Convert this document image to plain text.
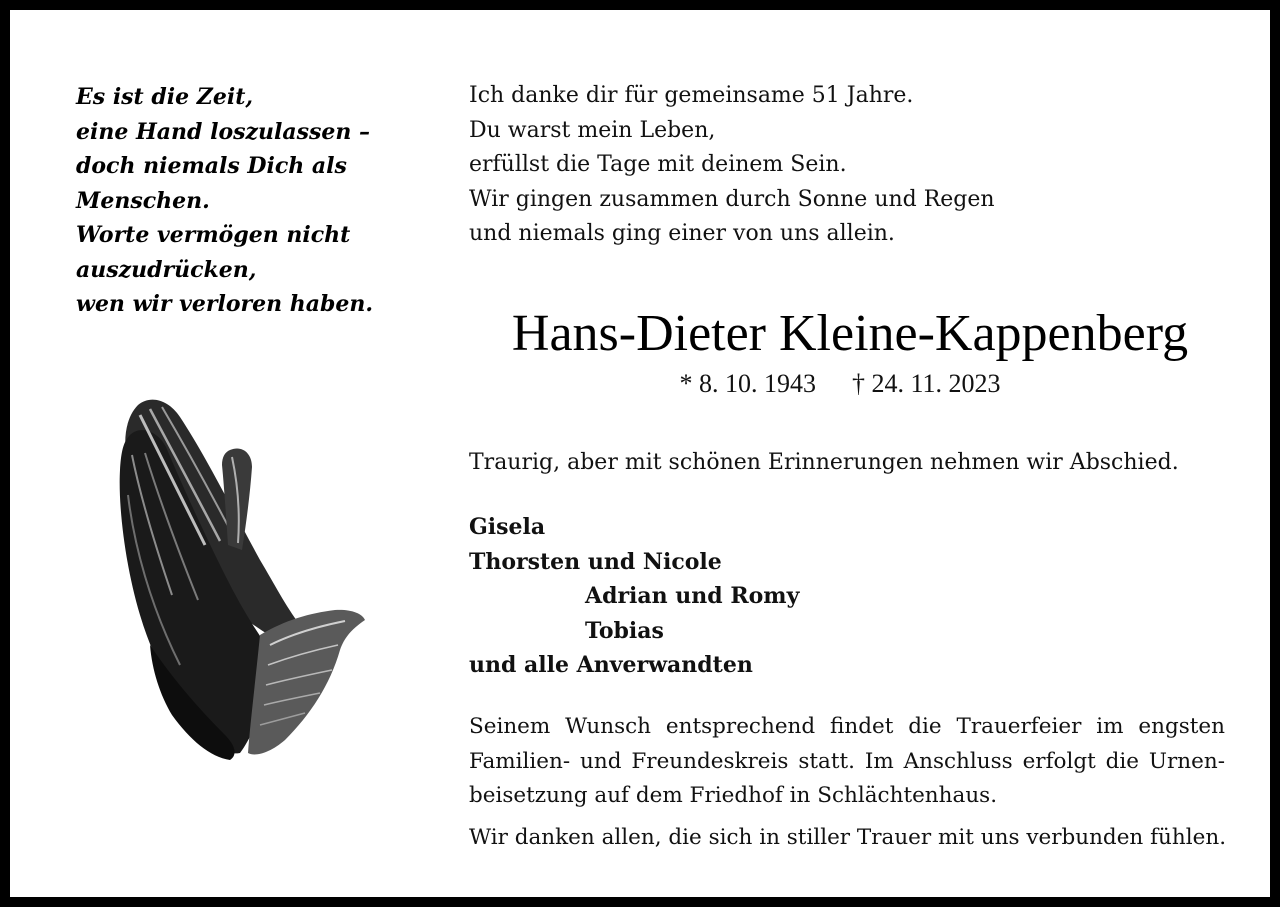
Es ist die Zeit,
eine Hand loszulassen –
doch niemals Dich als
Menschen.
Worte vermögen nicht
auszudrücken,
wen wir verloren haben.
Ich danke dir für gemeinsame 51 Jahre.
Du warst mein Leben,
erfüllst die Tage mit deinem Sein.
Wir gingen zusammen durch Sonne und Regen
und niemals ging einer von uns allein.
Hans-Dieter Kleine-Kappenberg
* 8. 10. 1943 † 24. 11. 2023
Traurig, aber mit schönen Erinnerungen nehmen wir Abschied.
Gisela
Thorsten und Nicole
Adrian und Romy
Tobias
und alle Anverwandten
Seinem Wunsch entsprechend findet die Trauerfeier im engsten
Familien- und Freundeskreis statt. Im Anschluss erfolgt die Urnen-
beisetzung auf dem Friedhof in Schlächtenhaus.
Wir danken allen, die sich in stiller Trauer mit uns verbunden fühlen.
